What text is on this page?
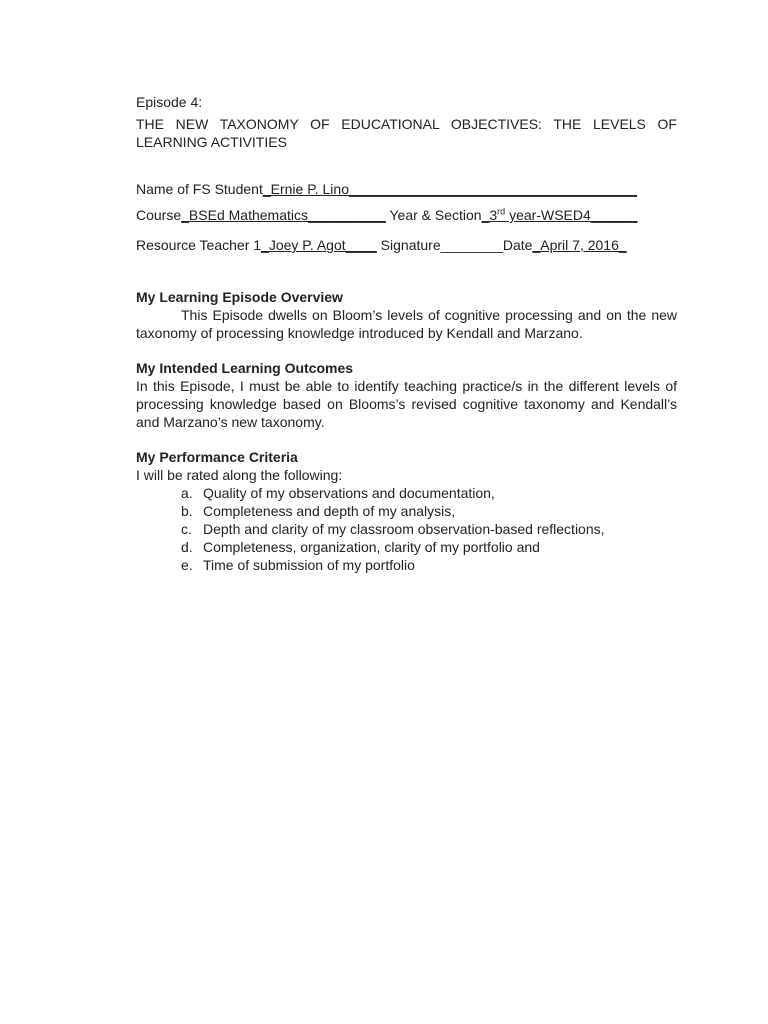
Episode 4:

THE NEW TAXONOMY OF EDUCATIONAL OBJECTIVES: THE LEVELS OF LEARNING ACTIVITIES

Name of FS Student_Ernie P. Lino_____________________________________
Course_BSEd Mathematics__________ Year & Section_3rd year-WSED4______
Resource Teacher 1_Joey P. Agot____ Signature________Date_April 7, 2016_

My Learning Episode Overview

This Episode dwells on Bloom’s levels of cognitive processing and on the new taxonomy of processing knowledge introduced by Kendall and Marzano.

My Intended Learning Outcomes

In this Episode, I must be able to identify teaching practice/s in the different levels of processing knowledge based on Blooms’s revised cognitive taxonomy and Kendall’s and Marzano’s new taxonomy.

My Performance Criteria

I will be rated along the following:

a. Quality of my observations and documentation,
b. Completeness and depth of my analysis,
c. Depth and clarity of my classroom observation-based reflections,
d. Completeness, organization, clarity of my portfolio and
e. Time of submission of my portfolio
